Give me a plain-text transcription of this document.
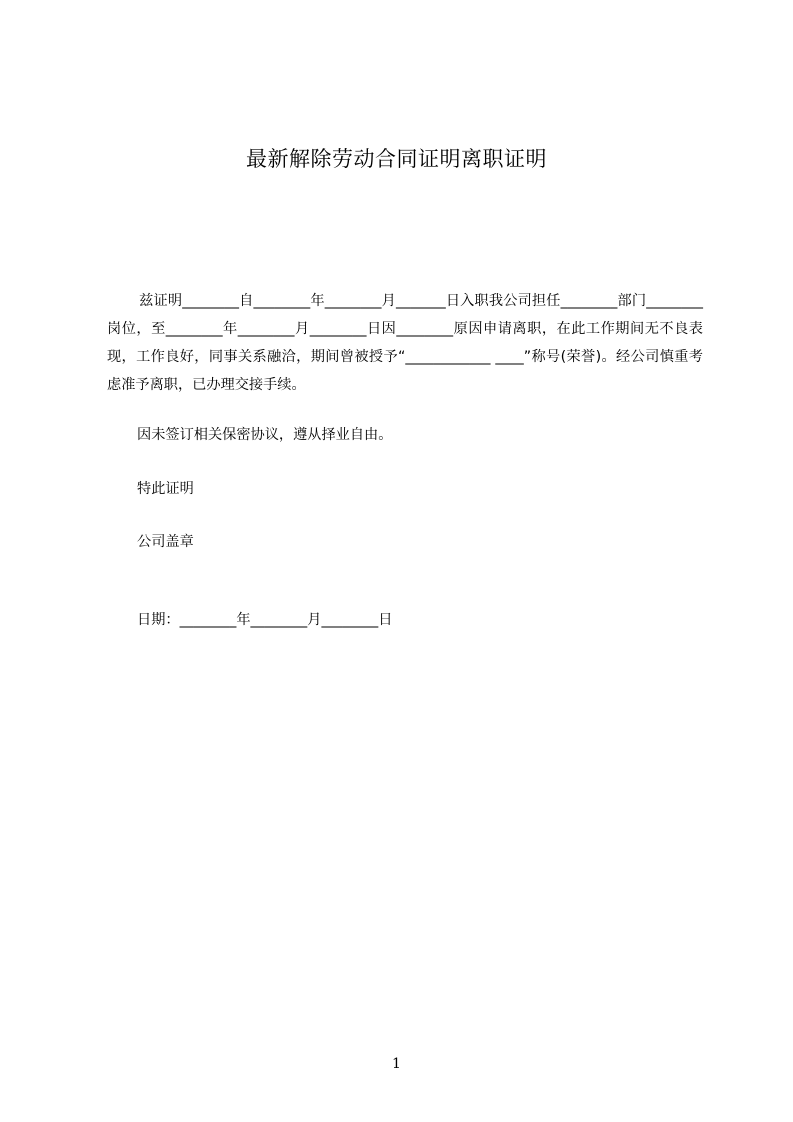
最新解除劳动合同证明离职证明
兹证明________自________年________月_______日入职我公司担任________部门________岗位，至________年________月________日因________原因申请离职，在此工作期间无不良表现，工作良好，同事关系融洽，期间曾被授予“____________ ____”称号(荣誉)。经公司慎重考虑准予离职，已办理交接手续。
因未签订相关保密协议，遵从择业自由。
特此证明
公司盖章
日期：________年________月________日
1
